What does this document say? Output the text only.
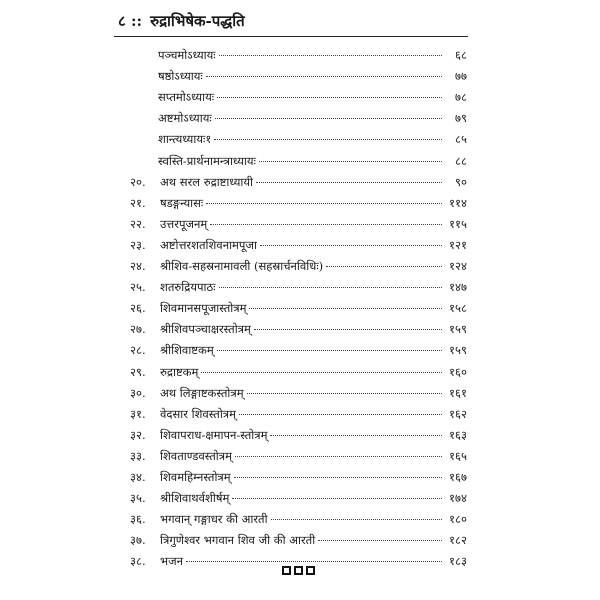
८ :: रुद्राभिषेक-पद्धति
पञ्चमोऽध्यायः	६८
षष्ठोऽध्यायः	७७
सप्तमोऽध्यायः	७८
अष्टमोऽध्यायः	७९
शान्त्यध्यायः१	८५
स्वस्ति-प्रार्थनामन्त्राध्यायः	८८
२०.	अथ सरल रुद्राष्टाध्यायी	९०
२१.	षडङ्गन्यासः	११४
२२.	उत्तरपूजनम्	११५
२३.	अष्टोत्तरशतशिवनामपूजा	१२१
२४.	श्रीशिव-सहस्रनामावली (सहस्रार्चनविधिः)	१२४
२५.	शतरुद्रियपाठः	१४७
२६.	शिवमानसपूजास्तोत्रम्	१५८
२७.	श्रीशिवपञ्चाक्षरस्तोत्रम्	१५९
२८.	श्रीशिवाष्टकम्	१५९
२९.	रुद्राष्टकम्	१६०
३०.	अथ लिङ्गाष्टकस्तोत्रम्	१६१
३१.	वेदसार शिवस्तोत्रम्	१६२
३२.	शिवापराध-क्षमापन-स्तोत्रम्	१६३
३३.	शिवताण्डवस्तोत्रम्	१६५
३४.	शिवमहिम्नस्तोत्रम्	१६७
३५.	श्रीशिवाथर्वशीर्षम्	१७४
३६.	भगवान् गङ्गाधर की आरती	१८०
३७.	त्रिगुणेश्वर भगवान शिव जी की आरती	१८२
३८.	भजन	१८३
